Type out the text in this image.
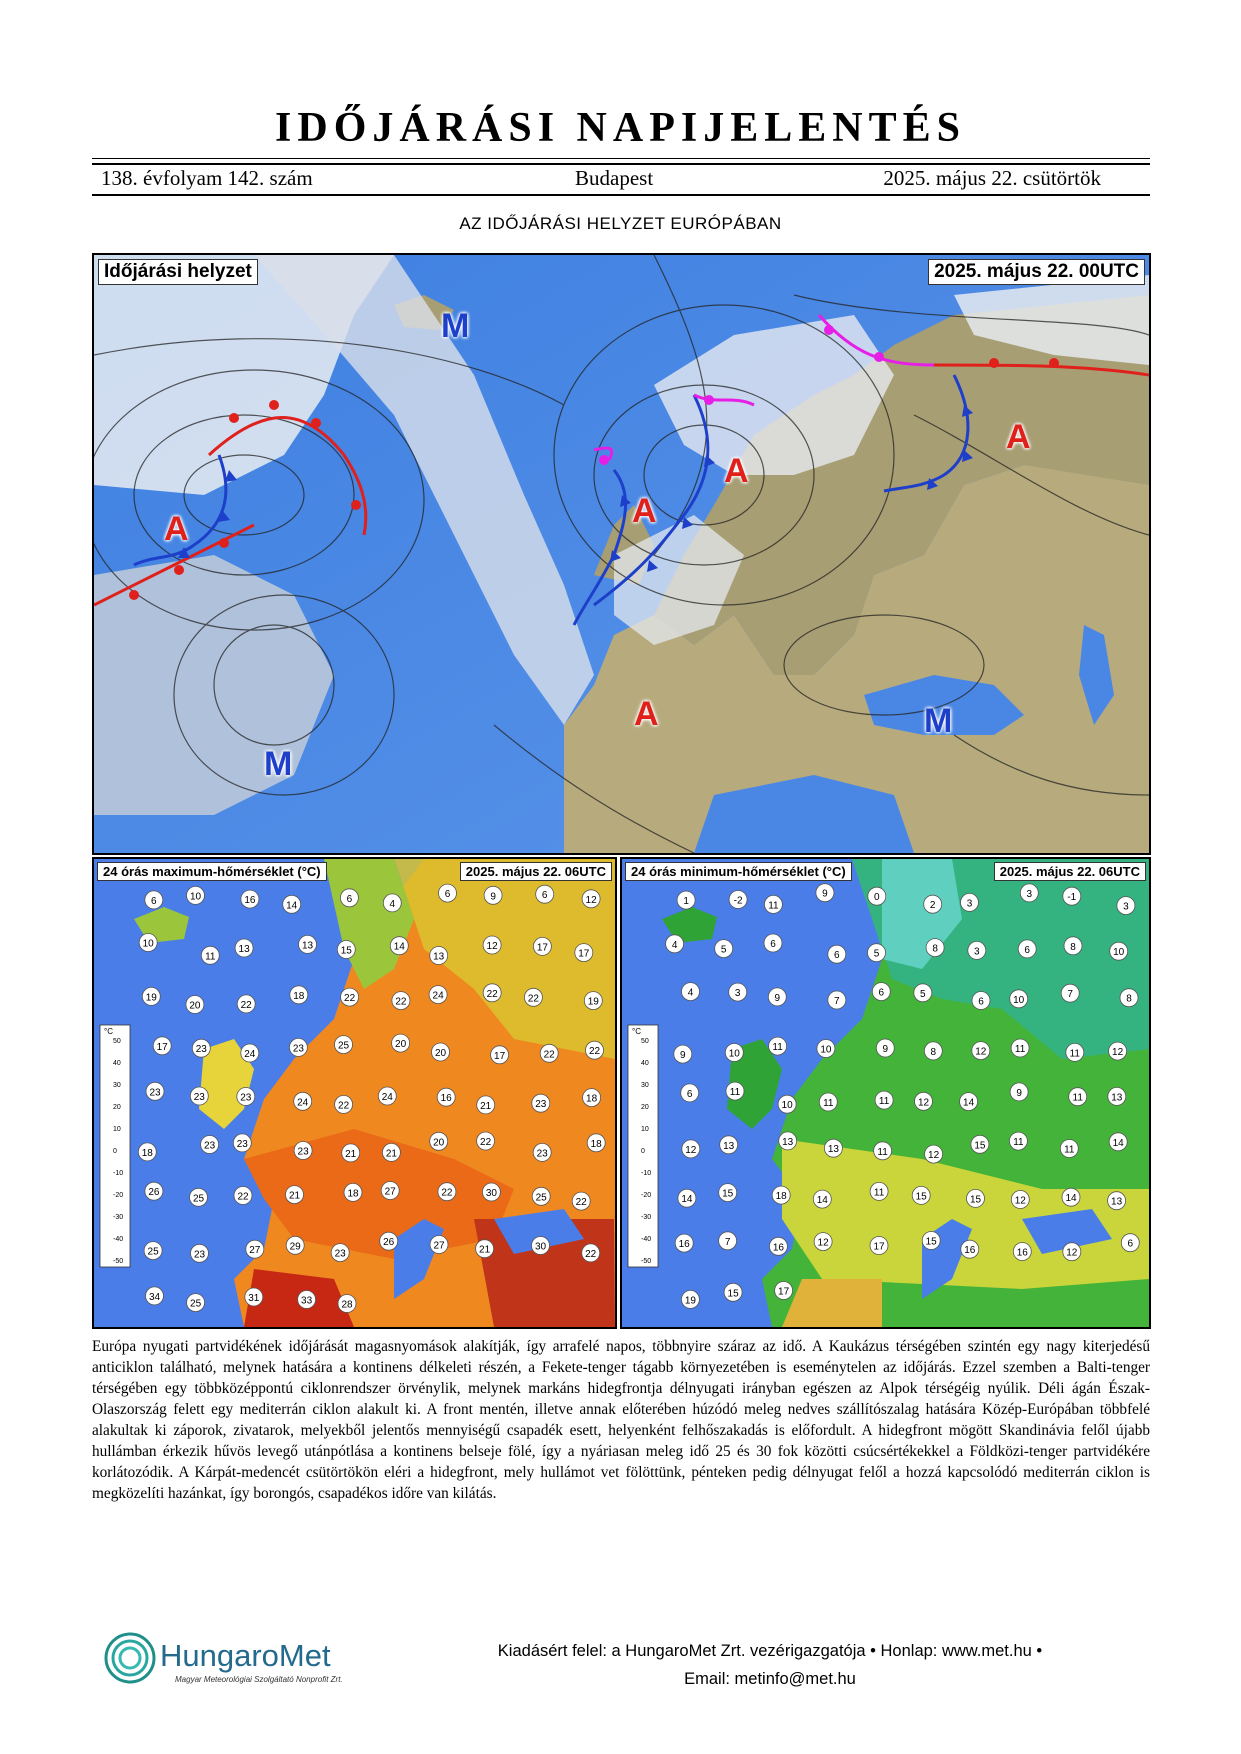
IDŐJÁRÁSI NAPIJELENTÉS
138. évfolyam 142. szám	Budapest	2025. május 22. csütörtök
AZ IDŐJÁRÁSI HELYZET EURÓPÁBAN
Időjárási helyzet	2025. május 22. 00UTC
M
A	A
A
A
A	M
M
6	10	16	14
6	4
6	9	6	12
10
11
13	13	15	14
13
12	17
17
19
20	22
18	22	22
24	22	22	19
17	23	24
23	25	20
20	17	22	22
23	23	23	24	22
24	16
21	23
18
18
23 23
23	21	21
20	22
23
18
26
25	22	21	18	27	22	30	25	22
25	23	27	29
23
26	27	21	30
22
34
25
31	33	28
°C
50
40
30
20
10
0
-10
-20
-30
-40
-50
24 órás maximum-hőmérséklet (°C)	2025. május 22. 06UTC
1	-2	11
9	0
2	3
3	-1
3
4	5
6
6	5	8	3	6	8	10
4	3	9	7
6	5
6	10
7	8
9	10
11	10	9	8	12	11	11	12
6	11
10	11	11	12	14
9	11	13
12	13	13
13	11	12
15	11
11
14
14
15	18	14
11	15	15	12	14	13
16	7	16	12	17	15
16	16	12
6
19
15	17
°C
50
40
30
20
10
0
-10
-20
-30
-40
-50
24 órás minimum-hőmérséklet (°C)	2025. május 22. 06UTC
Európa nyugati partvidékének időjárását magasnyomások alakítják, így arrafelé napos, többnyire száraz az idő. A Kaukázus térségében szintén egy nagy kiterjedésű anticiklon található, melynek hatására a kontinens délkeleti részén, a Fekete-tenger tágabb környezetében is eseménytelen az időjárás. Ezzel szemben a Balti-tenger térségében egy többközéppontú ciklonrendszer örvénylik, melynek markáns hidegfrontja délnyugati irányban egészen az Alpok térségéig nyúlik. Déli ágán Észak-Olaszország felett egy mediterrán ciklon alakult ki. A front mentén, illetve annak előterében húzódó meleg nedves szállítószalag hatására Közép-Európában többfelé alakultak ki záporok, zivatarok, melyekből jelentős mennyiségű csapadék esett, helyenként felhőszakadás is előfordult. A hidegfront mögött Skandinávia felől újabb hullámban érkezik hűvös levegő utánpótlása a kontinens belseje fölé, így a nyáriasan meleg idő 25 és 30 fok közötti csúcsértékekkel a Földközi-tenger partvidékére korlátozódik. A Kárpát-medencét csütörtökön eléri a hidegfront, mely hullámot vet fölöttünk, pénteken pedig délnyugat felől a hozzá kapcsolódó mediterrán ciklon is megközelíti hazánkat, így borongós, csapadékos időre van kilátás.
HungaroMet
Magyar Meteorológiai Szolgáltató Nonprofit Zrt.
Kiadásért felel: a HungaroMet Zrt. vezérigazgatója • Honlap: www.met.hu •
Email: metinfo@met.hu
